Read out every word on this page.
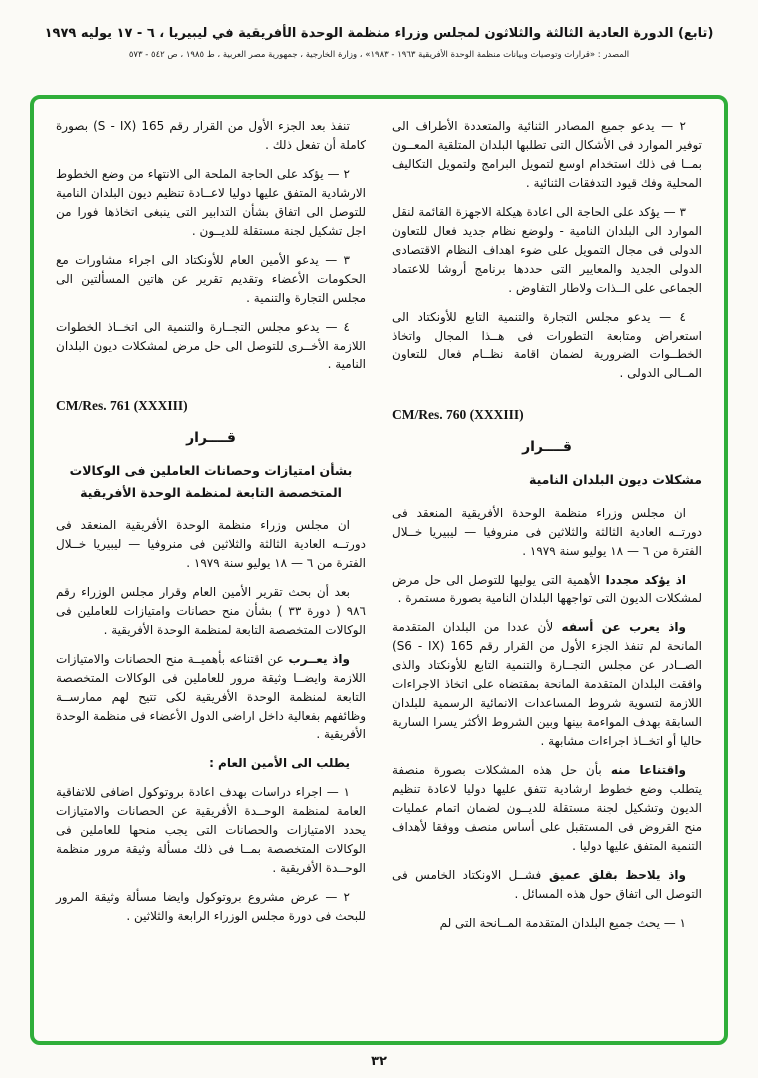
(تابع) الدورة العادية الثالثة والثلاثون لمجلس وزراء منظمة الوحدة الأفريقية في ليبيريا ، ٦ - ١٧ يوليه ١٩٧٩
المصدر : «قرارات وتوصيات وبيانات منظمة الوحدة الأفريقية ١٩٦٣ - ١٩٨٣» ، وزارة الخارجية ، جمهورية مصر العربية ، ط ١٩٨٥ ، ص ٥٤٢ - ٥٧٣

٢ — يدعو جميع المصادر الثنائية والمتعددة الأطراف الى توفير الموارد فى الأشكال التى تطلبها البلدان المتلقية المعــون بمــا فى ذلك استخدام اوسع لتمويل البرامج ولتمويل التكاليف المحلية وفك قيود التدفقات الثنائية .

٣ — يؤكد على الحاجة الى اعادة هيكلة الاجهزة القائمة لنقل الموارد الى البلدان النامية - ولوضع نظام جديد فعال للتعاون الدولى فى مجال التمويل على ضوء اهداف النظام الاقتصادى الدولى الجديد والمعايير التى حددها برنامج أروشا للاعتماد الجماعى على الــذات ولاطار التفاوض .

٤ — يدعو مجلس التجارة والتنمية التابع للأونكتاد الى استعراض ومتابعة التطورات فى هــذا المجال واتخاذ الخطــوات الضرورية لضمان اقامة نظــام فعال للتعاون المــالى الدولى .

CM/Res. 760 (XXXIII)

قــــرار
مشكلات ديون البلدان النامية

ان مجلس وزراء منظمة الوحدة الأفريقية المنعقد فى دورتــه العادية الثالثة والثلاثين فى منروفيا — ليبيريا خــلال الفترة من ٦ — ١٨ يوليو سنة ١٩٧٩ .

اذ يؤكد مجددا الأهمية التى يوليها للتوصل الى حل مرض لمشكلات الديون التى تواجهها البلدان النامية بصورة مستمرة .

واذ يعرب عن أسفه لأن عددا من البلدان المتقدمة المانحة لم تنفذ الجزء الأول من القرار رقم 165 (S6 - IX) الصــادر عن مجلس التجــارة والتنمية التابع للأونكتاد والذى وافقت البلدان المتقدمة المانحة بمقتضاه على اتخاذ الاجراءات اللازمة لتسوية شروط المساعدات الانمائية الرسمية للبلدان السابقة بهدف المواءمة بينها وبين الشروط الأكثر يسرا السارية حاليا أو اتخــاذ اجراءات مشابهة .

واقتناعا منه بأن حل هذه المشكلات بصورة منصفة يتطلب وضع خطوط ارشادية تتفق عليها دوليا لاعادة تنظيم الديون وتشكيل لجنة مستقلة للديــون لضمان اتمام عمليات منح القروض فى المستقبل على أساس منصف ووفقا لأهداف التنمية المتفق عليها دوليا .

واذ يلاحظ بقلق عميق فشــل الاونكتاد الخامس فى التوصل الى اتفاق حول هذه المسائل .

١ — يحث جميع البلدان المتقدمة المــانحة التى لم

تنفذ بعد الجزء الأول من القرار رقم 165 (S - IX) بصورة كاملة أن تفعل ذلك .

٢ — يؤكد على الحاجة الملحة الى الانتهاء من وضع الخطوط الارشادية المتفق عليها دوليا لاعــادة تنظيم ديون البلدان النامية للتوصل الى اتفاق بشأن التدابير التى ينبغى اتخاذها فورا من اجل تشكيل لجنة مستقلة للديــون .

٣ — يدعو الأمين العام للأونكتاد الى اجراء مشاورات مع الحكومات الأعضاء وتقديم تقرير عن هاتين المسألتين الى مجلس التجارة والتنمية .

٤ — يدعو مجلس التجــارة والتنمية الى اتخــاذ الخطوات اللازمة الأخــرى للتوصل الى حل مرض لمشكلات ديون البلدان النامية .

CM/Res. 761 (XXXIII)

قــــرار
بشأن امتيازات وحصانات العاملين فى الوكالات المتخصصة التابعة لمنظمة الوحدة الأفريقية

ان مجلس وزراء منظمة الوحدة الأفريقية المنعقد فى دورتــه العادية الثالثة والثلاثين فى منروفيا — ليبيريا خــلال الفترة من ٦ — ١٨ يوليو سنة ١٩٧٩ .

بعد أن بحث تقرير الأمين العام وقرار مجلس الوزراء رقم ٩٨٦ ( دورة ٣٣ ) بشأن منح حصانات وامتيازات للعاملين فى الوكالات المتخصصة التابعة لمنظمة الوحدة الأفريقية .

واذ يعــرب عن اقتناعه بأهميــة منح الحصانات والامتيازات اللازمة وايضــا وثيقة مرور للعاملين فى الوكالات المتخصصة التابعة لمنظمة الوحدة الأفريقية لكى تتيح لهم ممارســة وظائفهم بفعالية داخل اراضى الدول الأعضاء فى منظمة الوحدة الأفريقية .

يطلب الى الأمين العام :

١ — اجراء دراسات بهدف اعادة بروتوكول اضافى للاتفاقية العامة لمنظمة الوحــدة الأفريقية عن الحصانات والامتيازات يحدد الامتيازات والحصانات التى يجب منحها للعاملين فى الوكالات المتخصصة بمــا فى ذلك مسألة وثيقة مرور منظمة الوحــدة الأفريقية .

٢ — عرض مشروع بروتوكول وايضا مسألة وثيقة المرور للبحث فى دورة مجلس الوزراء الرابعة والثلاثين .

٣٢
